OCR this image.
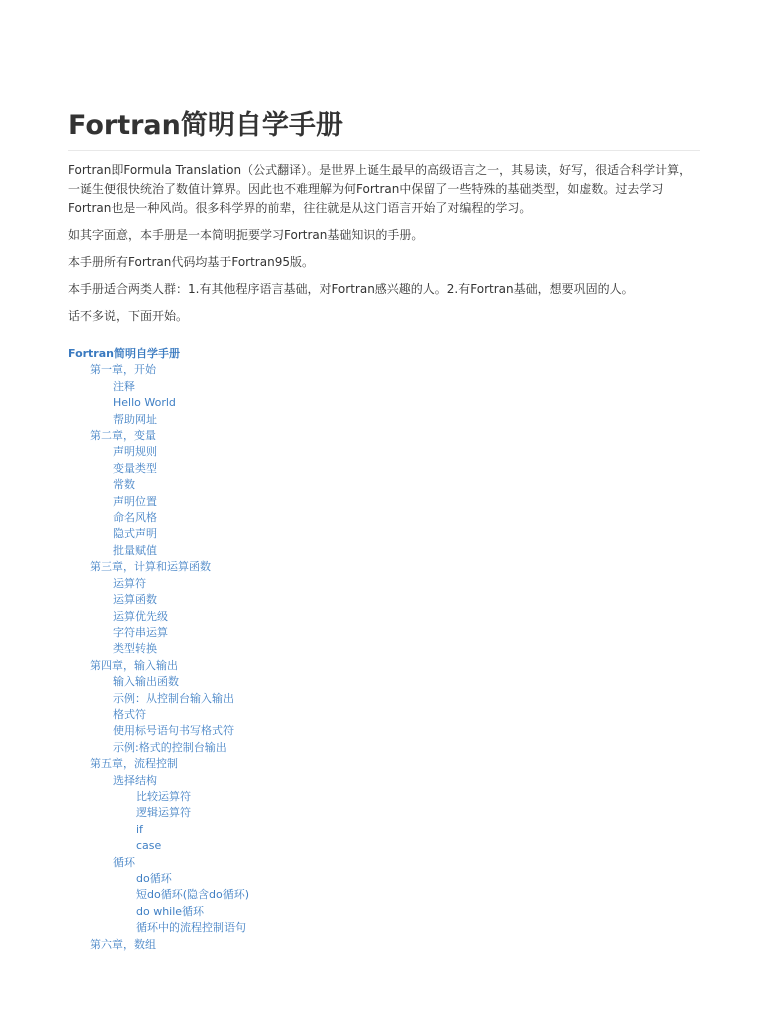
Fortran简明自学手册

Fortran即Formula Translation（公式翻译）。是世界上诞生最早的高级语言之一，其易读，好写，很适合科学计算，一诞生便很快统治了数值计算界。因此也不难理解为何Fortran中保留了一些特殊的基础类型，如虚数。过去学习Fortran也是一种风尚。很多科学界的前辈，往往就是从这门语言开始了对编程的学习。

如其字面意，本手册是一本简明扼要学习Fortran基础知识的手册。

本手册所有Fortran代码均基于Fortran95版。

本手册适合两类人群：1.有其他程序语言基础，对Fortran感兴趣的人。2.有Fortran基础，想要巩固的人。

话不多说，下面开始。

Fortran简明自学手册
第一章，开始
注释
Hello World
帮助网址
第二章，变量
声明规则
变量类型
常数
声明位置
命名风格
隐式声明
批量赋值
第三章，计算和运算函数
运算符
运算函数
运算优先级
字符串运算
类型转换
第四章，输入输出
输入输出函数
示例：从控制台输入输出
格式符
使用标号语句书写格式符
示例:格式的控制台输出
第五章，流程控制
选择结构
比较运算符
逻辑运算符
if
case
循环
do循环
短do循环(隐含do循环)
do while循环
循环中的流程控制语句
第六章，数组
